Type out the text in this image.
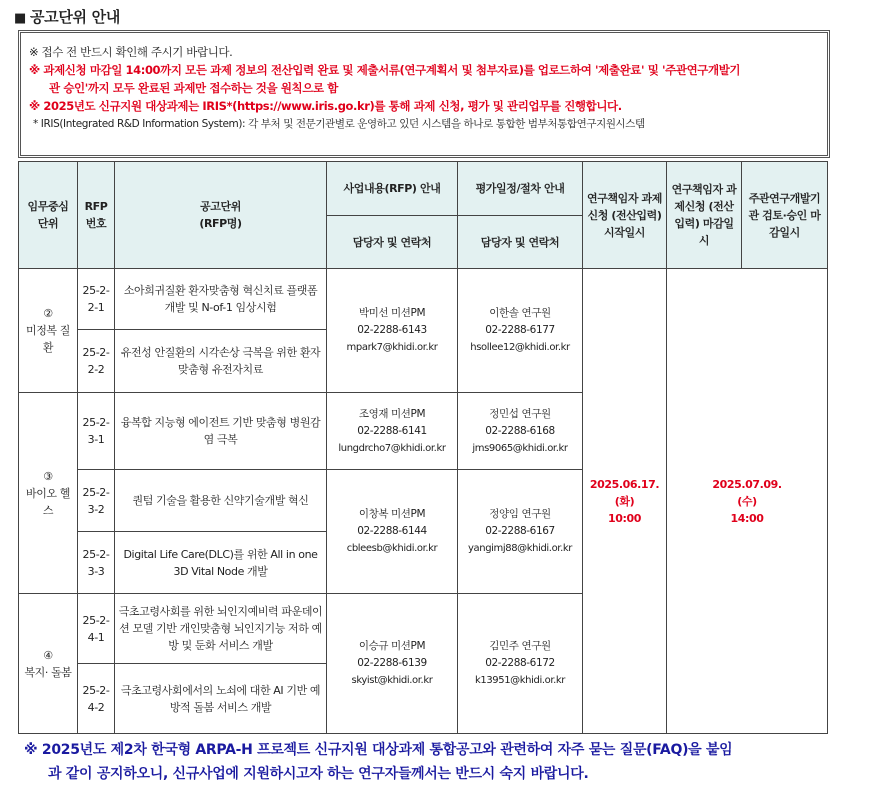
■ 공고단위 안내

※ 접수 전 반드시 확인해 주시기 바랍니다.

※ 과제신청 마감일 14:00까지 모든 과제 정보의 전산입력 완료 및 제출서류(연구계획서 및 첨부자료)를 업로드하여 '제출완료' 및 '주관연구개발기

관 승인'까지 모두 완료된 과제만 접수하는 것을 원칙으로 함

※ 2025년도 신규지원 대상과제는 IRIS*(https://www.iris.go.kr)를 통해 과제 신청, 평가 및 관리업무를 진행합니다.

* IRIS(Integrated R&D Information System): 각 부처 및 전문기관별로 운영하고 있던 시스템을 하나로 통합한 범부처통합연구지원시스템

임무중심 단위	RFP 번호	공고단위
(RFP명)	사업내용(RFP) 안내	평가일정/절차 안내	연구책임자 과제신청 (전산입력) 시작일시	연구책임자 과제신청 (전산입력) 마감일시	주관연구개발기관 검토·승인 마감일시
			담당자 및 연락처	담당자 및 연락처			
②
미정복 질환	25-2-2-1	소아희귀질환 환자맞춤형 혁신치료 플랫폼 개발 및 N-of-1 임상시험	박미선 미션PM
02-2288-6143
mpark7@khidi.or.kr	이한솔 연구원
02-2288-6177
hsollee12@khidi.or.kr	2025.06.17.
(화)
10:00	2025.07.09.
(수)
14:00	
	25-2-2-2	유전성 안질환의 시각손상 극복을 위한 환자맞춤형 유전자치료					
③
바이오 헬스	25-2-3-1	융복합 지능형 에이전트 기반 맞춤형 병원감염 극복	조영재 미션PM
02-2288-6141
lungdrcho7@khidi.or.kr	정민섭 연구원
02-2288-6168
jms9065@khidi.or.kr			
	25-2-3-2	퀀텀 기술을 활용한 신약기술개발 혁신	이창복 미션PM
02-2288-6144
cbleesb@khidi.or.kr	정양임 연구원
02-2288-6167
yangimj88@khidi.or.kr			
	25-2-3-3	Digital Life Care(DLC)를 위한 All in one 3D Vital Node 개발					
④
복지· 돌봄	25-2-4-1	극초고령사회를 위한 뇌인지예비력 파운데이션 모델 기반 개인맞춤형 뇌인지기능 저하 예방 및 둔화 서비스 개발	이승규 미션PM
02-2288-6139
skyist@khidi.or.kr	김민주 연구원
02-2288-6172
k13951@khidi.or.kr			
	25-2-4-2	극초고령사회에서의 노쇠에 대한 AI 기반 예방적 돌봄 서비스 개발					
※ 2025년도 제2차 한국형 ARPA-H 프로젝트 신규지원 대상과제 통합공고와 관련하여 자주 묻는 질문(FAQ)을 붙임
과 같이 공지하오니, 신규사업에 지원하시고자 하는 연구자들께서는 반드시 숙지 바랍니다.
